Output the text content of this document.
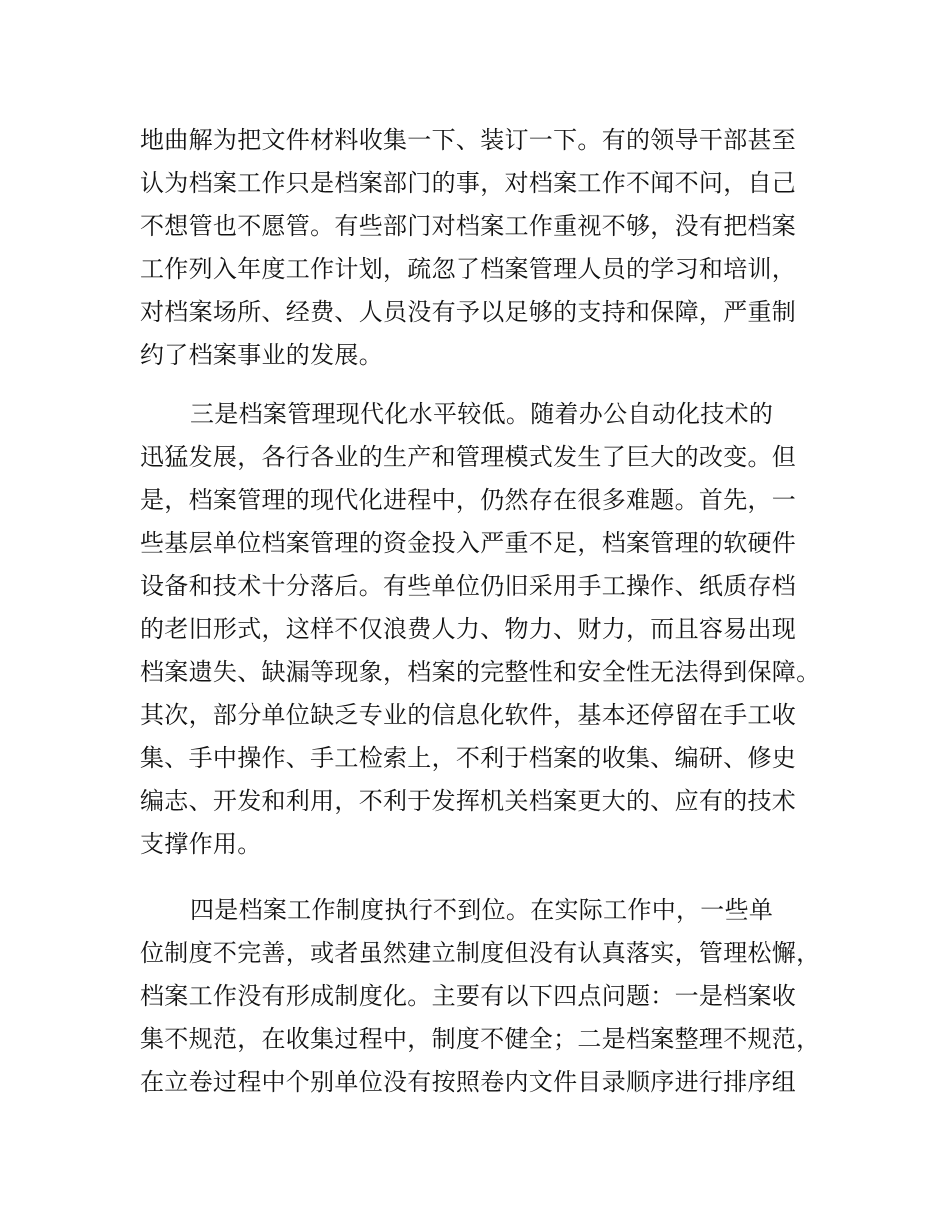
地曲解为把文件材料收集一下、装订一下。有的领导干部甚至
认为档案工作只是档案部门的事，对档案工作不闻不问，自己
不想管也不愿管。有些部门对档案工作重视不够，没有把档案
工作列入年度工作计划，疏忽了档案管理人员的学习和培训，
对档案场所、经费、人员没有予以足够的支持和保障，严重制
约了档案事业的发展。
三是档案管理现代化水平较低。随着办公自动化技术的
迅猛发展，各行各业的生产和管理模式发生了巨大的改变。但
是，档案管理的现代化进程中，仍然存在很多难题。首先，一
些基层单位档案管理的资金投入严重不足，档案管理的软硬件
设备和技术十分落后。有些单位仍旧采用手工操作、纸质存档
的老旧形式，这样不仅浪费人力、物力、财力，而且容易出现
档案遗失、缺漏等现象，档案的完整性和安全性无法得到保障。
其次，部分单位缺乏专业的信息化软件，基本还停留在手工收
集、手中操作、手工检索上，不利于档案的收集、编研、修史
编志、开发和利用，不利于发挥机关档案更大的、应有的技术
支撑作用。
四是档案工作制度执行不到位。在实际工作中，一些单
位制度不完善，或者虽然建立制度但没有认真落实，管理松懈，
档案工作没有形成制度化。主要有以下四点问题：一是档案收
集不规范，在收集过程中，制度不健全；二是档案整理不规范，
在立卷过程中个别单位没有按照卷内文件目录顺序进行排序组
